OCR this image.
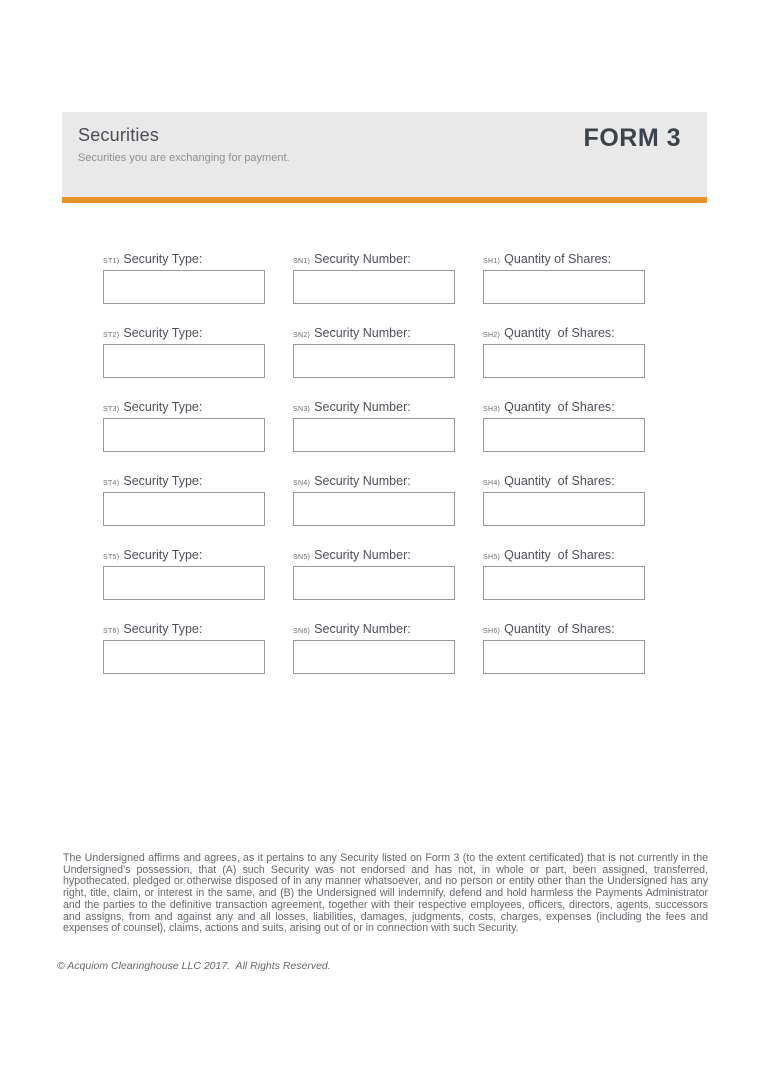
Securities
Securities you are exchanging for payment.
FORM 3
ST1) Security Type:	SN1) Security Number:	SH1) Quantity of Shares:
ST2) Security Type:	SN2) Security Number:	SH2) Quantity  of Shares:
ST3) Security Type:	SN3) Security Number:	SH3) Quantity  of Shares:
ST4) Security Type:	SN4) Security Number:	SH4) Quantity  of Shares:
ST5) Security Type:	SN5) Security Number:	SH5) Quantity  of Shares:
ST6) Security Type:	SN6) Security Number:	SH6) Quantity  of Shares:

The Undersigned affirms and agrees, as it pertains to any Security listed on Form 3 (to the extent certificated) that is not currently in the Undersigned's possession, that (A) such Security was not endorsed and has not, in whole or part, been assigned, transferred, hypothecated, pledged or otherwise disposed of in any manner whatsoever, and no person or entity other than the Undersigned has any right, title, claim, or interest in the same, and (B) the Undersigned will indemnify, defend and hold harmless the Payments Administrator and the parties to the definitive transaction agreement, together with their respective employees, officers, directors, agents, successors and assigns, from and against any and all losses, liabilities, damages, judgments, costs, charges, expenses (including the fees and expenses of counsel), claims, actions and suits, arising out of or in connection with such Security.

© Acquiom Clearinghouse LLC 2017.  All Rights Reserved.
